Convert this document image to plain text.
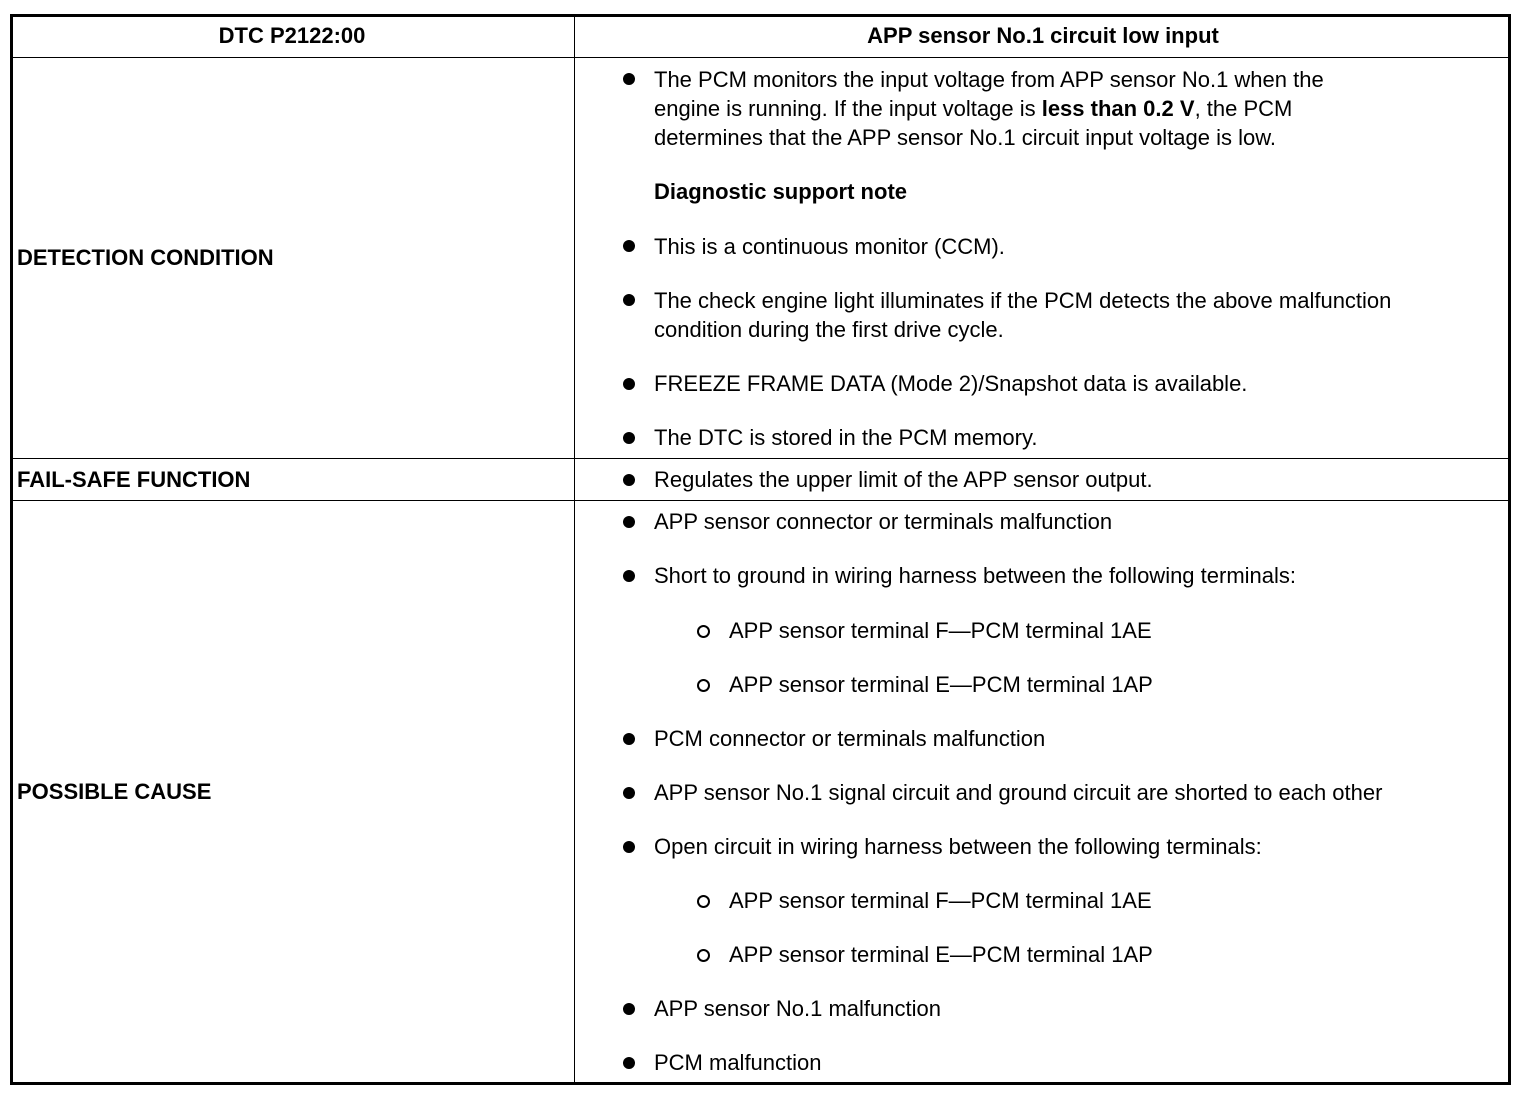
DTC P2122:00	APP sensor No.1 circuit low input
DETECTION CONDITION
The PCM monitors the input voltage from APP sensor No.1 when the
engine is running. If the input voltage is less than 0.2 V, the PCM
determines that the APP sensor No.1 circuit input voltage is low.
Diagnostic support note
This is a continuous monitor (CCM).
The check engine light illuminates if the PCM detects the above malfunction
condition during the first drive cycle.
FREEZE FRAME DATA (Mode 2)/Snapshot data is available.
The DTC is stored in the PCM memory.
FAIL-SAFE FUNCTION	Regulates the upper limit of the APP sensor output.
POSSIBLE CAUSE
APP sensor connector or terminals malfunction
Short to ground in wiring harness between the following terminals:
APP sensor terminal F—PCM terminal 1AE
APP sensor terminal E—PCM terminal 1AP
PCM connector or terminals malfunction
APP sensor No.1 signal circuit and ground circuit are shorted to each other
Open circuit in wiring harness between the following terminals:
APP sensor terminal F—PCM terminal 1AE
APP sensor terminal E—PCM terminal 1AP
APP sensor No.1 malfunction
PCM malfunction
